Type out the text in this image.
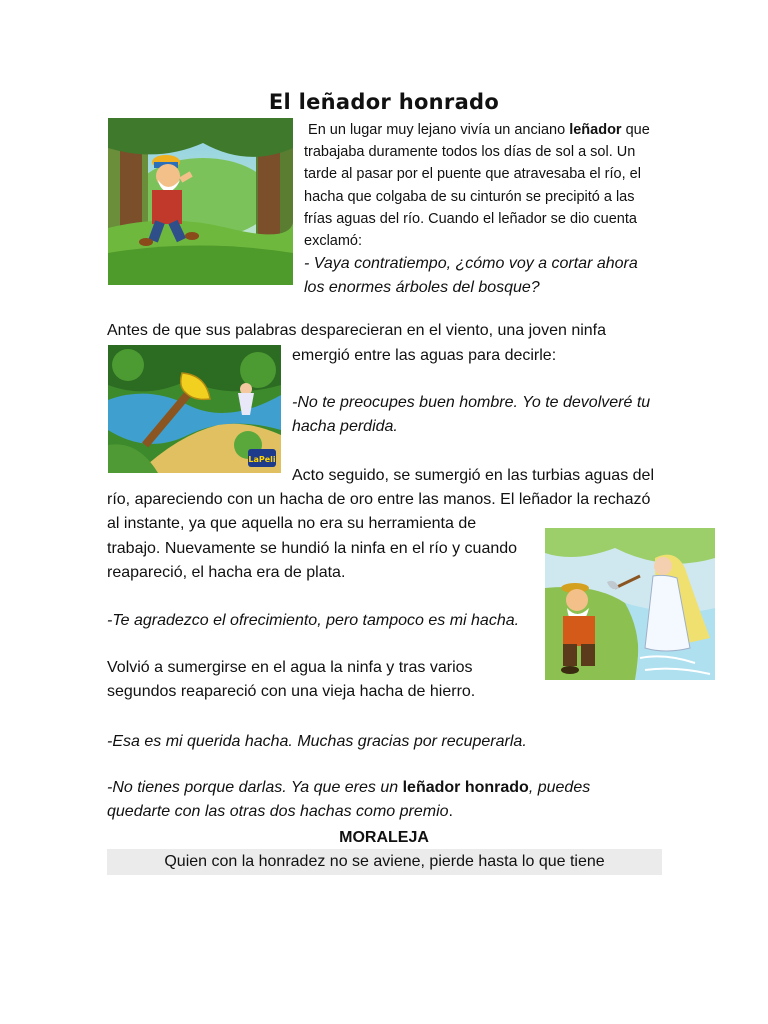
El leñador honrado
En un lugar muy lejano vivía un anciano leñador que
trabajaba duramente todos los días de sol a sol. Un
tarde al pasar por el puente que atravesaba el río, el
hacha que colgaba de su cinturón se precipitó a las
frías aguas del río. Cuando el leñador se dio cuenta
exclamó:
- Vaya contratiempo, ¿cómo voy a cortar ahora
los enormes árboles del bosque?
Antes de que sus palabras desparecieran en el viento, una joven ninfa
LaPeli
emergió entre las aguas para decirle:
-No te preocupes buen hombre. Yo te devolveré tu
hacha perdida.
Acto seguido, se sumergió en las turbias aguas del
río, apareciendo con un hacha de oro entre las manos. El leñador la rechazó
al instante, ya que aquella no era su herramienta de
trabajo. Nuevamente se hundió la ninfa en el río y cuando
reapareció, el hacha era de plata.
-Te agradezco el ofrecimiento, pero tampoco es mi hacha.
Volvió a sumergirse en el agua la ninfa y tras varios
segundos reapareció con una vieja hacha de hierro.
-Esa es mi querida hacha. Muchas gracias por recuperarla.
-No tienes porque darlas. Ya que eres un leñador honrado, puedes
quedarte con las otras dos hachas como premio.
MORALEJA
Quien con la honradez no se aviene, pierde hasta lo que tiene
